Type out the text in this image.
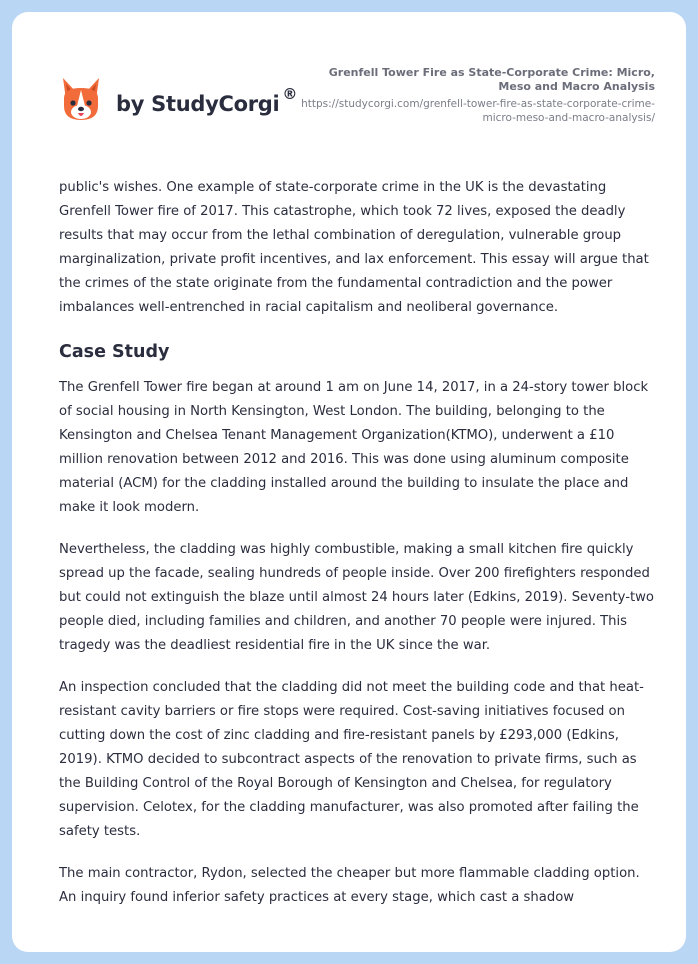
by StudyCorgi ®
Grenfell Tower Fire as State-Corporate Crime: Micro, Meso and Macro Analysis
https://studycorgi.com/grenfell-tower-fire-as-state-corporate-crime-micro-meso-and-macro-analysis/

public's wishes. One example of state-corporate crime in the UK is the devastating Grenfell Tower fire of 2017. This catastrophe, which took 72 lives, exposed the deadly results that may occur from the lethal combination of deregulation, vulnerable group marginalization, private profit incentives, and lax enforcement. This essay will argue that the crimes of the state originate from the fundamental contradiction and the power imbalances well-entrenched in racial capitalism and neoliberal governance.

Case Study

The Grenfell Tower fire began at around 1 am on June 14, 2017, in a 24-story tower block of social housing in North Kensington, West London. The building, belonging to the Kensington and Chelsea Tenant Management Organization(KTMO), underwent a £10 million renovation between 2012 and 2016. This was done using aluminum composite material (ACM) for the cladding installed around the building to insulate the place and make it look modern.

Nevertheless, the cladding was highly combustible, making a small kitchen fire quickly spread up the facade, sealing hundreds of people inside. Over 200 firefighters responded but could not extinguish the blaze until almost 24 hours later (Edkins, 2019). Seventy-two people died, including families and children, and another 70 people were injured. This tragedy was the deadliest residential fire in the UK since the war.

An inspection concluded that the cladding did not meet the building code and that heat-resistant cavity barriers or fire stops were required. Cost-saving initiatives focused on cutting down the cost of zinc cladding and fire-resistant panels by £293,000 (Edkins, 2019). KTMO decided to subcontract aspects of the renovation to private firms, such as the Building Control of the Royal Borough of Kensington and Chelsea, for regulatory supervision. Celotex, for the cladding manufacturer, was also promoted after failing the safety tests.

The main contractor, Rydon, selected the cheaper but more flammable cladding option. An inquiry found inferior safety practices at every stage, which cast a shadow
